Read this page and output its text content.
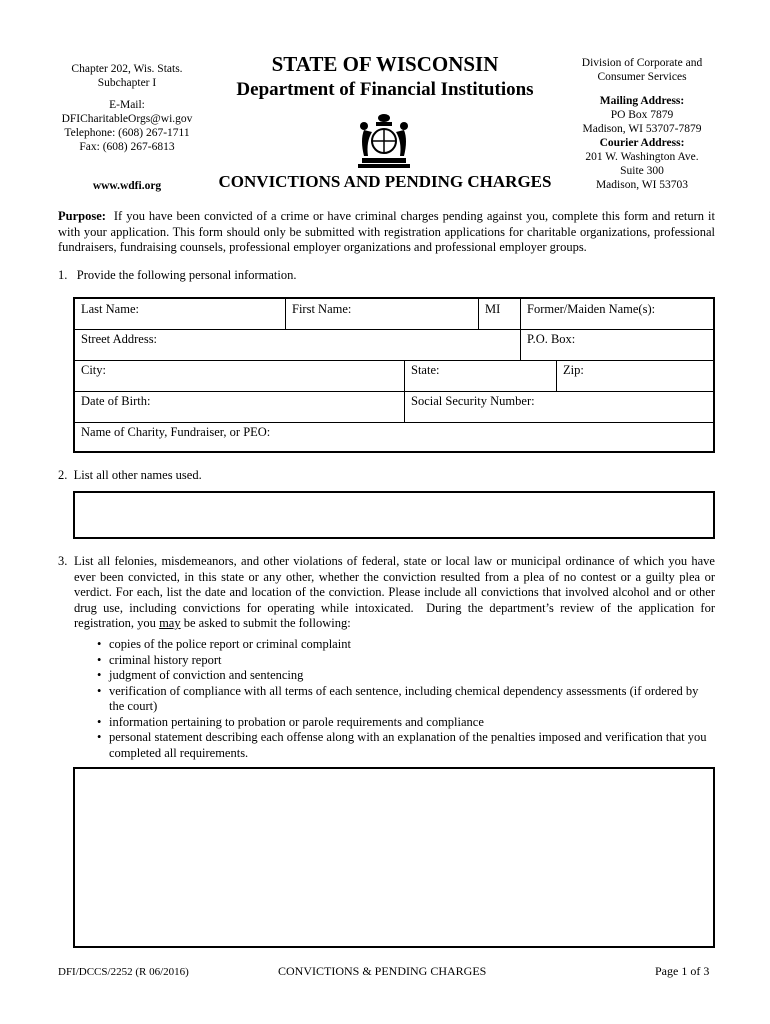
Chapter 202, Wis. Stats.
Subchapter I
E-Mail:
DFICharitableOrgs@wi.gov
Telephone: (608) 267-1711
Fax: (608) 267-6813
www.wdfi.org
STATE OF WISCONSIN
Department of Financial Institutions
CONVICTIONS AND PENDING CHARGES
Division of Corporate and
Consumer Services
Mailing Address:
PO Box 7879
Madison, WI 53707-7879
Courier Address:
201 W. Washington Ave.
Suite 300
Madison, WI 53703
Purpose: If you have been convicted of a crime or have criminal charges pending against you, complete this form and return it with your application. This form should only be submitted with registration applications for charitable organizations, professional fundraisers, fundraising counsels, professional employer organizations and professional employer groups.
1.   Provide the following personal information.
Last Name:	First Name:	MI	Former/Maiden Name(s):
Street Address:	P.O. Box:
City:	State:	Zip:
Date of Birth:	Social Security Number:
Name of Charity, Fundraiser, or PEO:
2.  List all other names used.
3. List all felonies, misdemeanors, and other violations of federal, state or local law or municipal ordinance of which you have ever been convicted, in this state or any other, whether the conviction resulted from a plea of no contest or a guilty plea or verdict. For each, list the date and location of the conviction. Please include all convictions that involved alcohol and or other drug use, including convictions for operating while intoxicated.  During the department’s review of the application for registration, you may be asked to submit the following:
• copies of the police report or criminal complaint
• criminal history report
• judgment of conviction and sentencing
• verification of compliance with all terms of each sentence, including chemical dependency assessments (if ordered by the court)
• information pertaining to probation or parole requirements and compliance
• personal statement describing each offense along with an explanation of the penalties imposed and verification that you completed all requirements.
DFI/DCCS/2252 (R 06/2016)	CONVICTIONS & PENDING CHARGES	Page 1 of 3
